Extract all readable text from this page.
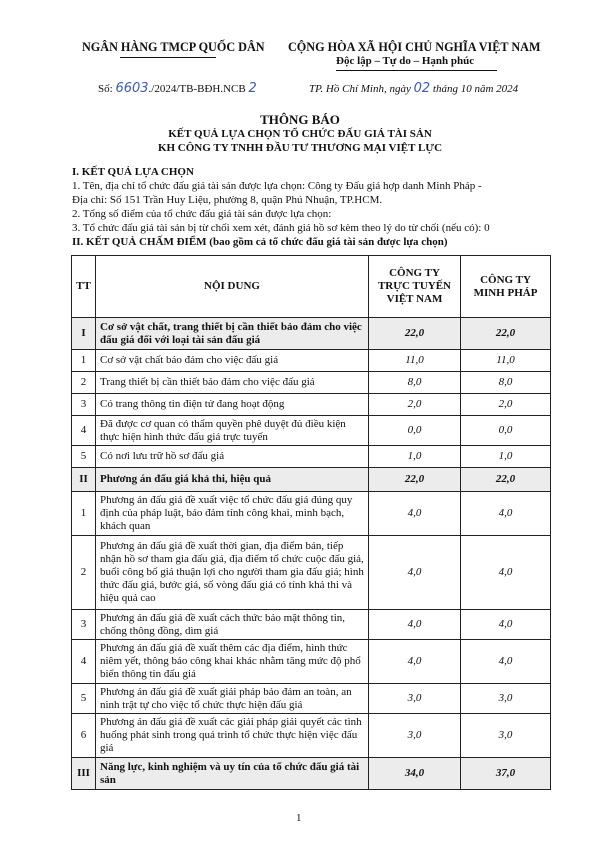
NGÂN HÀNG TMCP QUỐC DÂN CỘNG HÒA XÃ HỘI CHỦ NGHĨA VIỆT NAM
Độc lập – Tự do – Hạnh phúc
Số: 6603./2024/TB-BĐH.NCB 2	TP. Hồ Chí Minh, ngày 02 tháng 10 năm 2024
THÔNG BÁO
KẾT QUẢ LỰA CHỌN TỔ CHỨC ĐẤU GIÁ TÀI SẢN
KH CÔNG TY TNHH ĐẦU TƯ THƯƠNG MẠI VIỆT LỰC
I. KẾT QUẢ LỰA CHỌN
1. Tên, địa chỉ tổ chức đấu giá tài sản được lựa chọn: Công ty Đấu giá hợp danh Minh Pháp -
Địa chỉ: Số 151 Trần Huy Liệu, phường 8, quận Phú Nhuận, TP.HCM.
2. Tổng số điểm của tổ chức đấu giá tài sản được lựa chọn:
3. Tổ chức đấu giá tài sản bị từ chối xem xét, đánh giá hồ sơ kèm theo lý do từ chối (nếu có): 0
II. KẾT QUẢ CHẤM ĐIỂM (bao gồm cả tổ chức đấu giá tài sản được lựa chọn)
TT	NỘI DUNG	CÔNG TY TRỰC TUYẾN VIỆT NAM	CÔNG TY MINH PHÁP
I	Cơ sở vật chất, trang thiết bị cần thiết bảo đảm cho việc đấu giá đối với loại tài sản đấu giá	22,0	22,0
1	Cơ sở vật chất bảo đảm cho việc đấu giá	11,0	11,0
2	Trang thiết bị cần thiết bảo đảm cho việc đấu giá	8,0	8,0
3	Có trang thông tin điện tử đang hoạt động	2,0	2,0
4	Đã được cơ quan có thẩm quyền phê duyệt đủ điều kiện thực hiện hình thức đấu giá trực tuyến	0,0	0,0
5	Có nơi lưu trữ hồ sơ đấu giá	1,0	1,0
II	Phương án đấu giá khả thi, hiệu quả	22,0	22,0
1	Phương án đấu giá đề xuất việc tổ chức đấu giá đúng quy định của pháp luật, bảo đảm tính công khai, minh bạch, khách quan	4,0	4,0
2	Phương án đấu giá đề xuất thời gian, địa điểm bán, tiếp nhận hồ sơ tham gia đấu giá, địa điểm tổ chức cuộc đấu giá, buổi công bố giá thuận lợi cho người tham gia đấu giá; hình thức đấu giá, bước giá, số vòng đấu giá có tính khả thi và hiệu quả cao	4,0	4,0
3	Phương án đấu giá đề xuất cách thức bảo mật thông tin, chống thông đồng, dìm giá	4,0	4,0
4	Phương án đấu giá đề xuất thêm các địa điểm, hình thức niêm yết, thông báo công khai khác nhằm tăng mức độ phổ biến thông tin đấu giá	4,0	4,0
5	Phương án đấu giá đề xuất giải pháp bảo đảm an toàn, an ninh trật tự cho việc tổ chức thực hiện đấu giá	3,0	3,0
6	Phương án đấu giá đề xuất các giải pháp giải quyết các tình huống phát sinh trong quá trình tổ chức thực hiện việc đấu giá	3,0	3,0
III	Năng lực, kinh nghiệm và uy tín của tổ chức đấu giá tài sản	34,0	37,0
1
